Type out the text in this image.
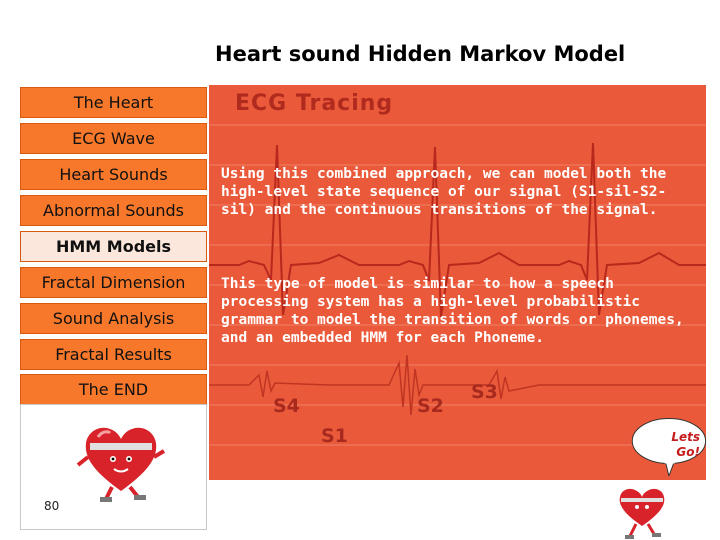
Heart sound Hidden Markov Model
The Heart
ECG Wave
Heart Sounds
Abnormal Sounds
HMM Models
Fractal Dimension
Sound Analysis
Fractal Results
The END
80
ECG Tracing
S4
S1
S2
S3
Using this combined approach, we can model both the high-level state sequence of our signal (S1-sil-S2-sil) and the continuous transitions of the signal.
This type of model is similar to how a speech processing system has a high-level probabilistic grammar to model the transition of words or phonemes, and an embedded HMM for each Phoneme.
Lets
Go!
